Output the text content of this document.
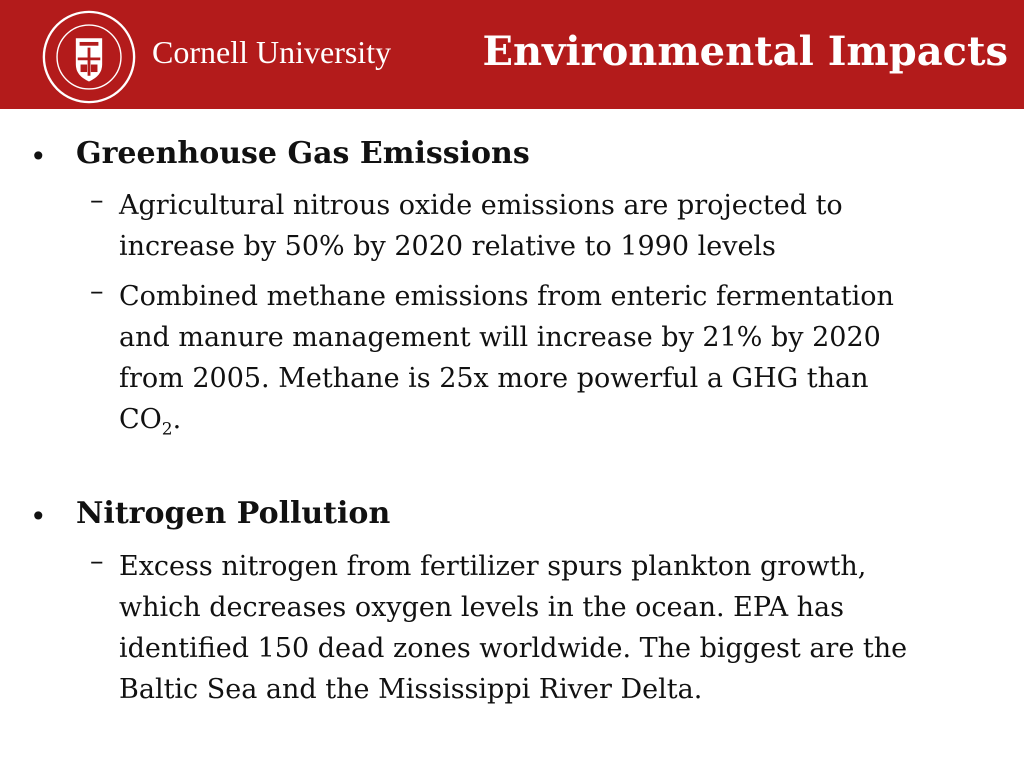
Cornell University Environmental Impacts
• Greenhouse Gas Emissions
– Agricultural nitrous oxide emissions are projected to increase by 50% by 2020 relative to 1990 levels
– Combined methane emissions from enteric fermentation and manure management will increase by 21% by 2020 from 2005. Methane is 25x more powerful a GHG than $CO_2$.
• Nitrogen Pollution
– Excess nitrogen from fertilizer spurs plankton growth, which decreases oxygen levels in the ocean. EPA has identified 150 dead zones worldwide. The biggest are the Baltic Sea and the Mississippi River Delta.
